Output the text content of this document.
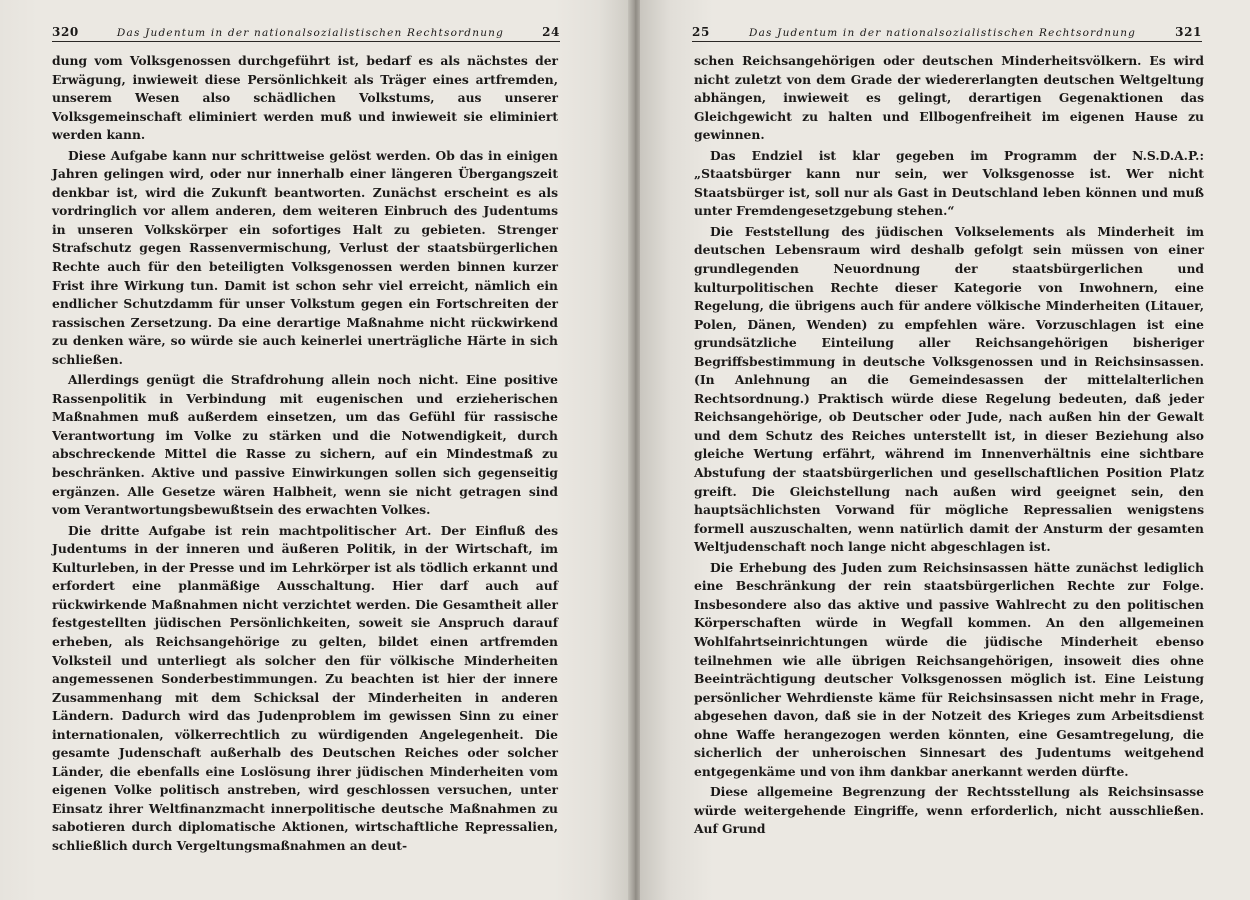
320	Das Judentum in der nationalsozialistischen Rechtsordnung	24

dung vom Volksgenossen durchgeführt ist, bedarf es als nächstes der Erwägung, inwieweit diese Persönlichkeit als Träger eines artfremden, unserem Wesen also schädlichen Volkstums, aus unserer Volksgemeinschaft eliminiert werden muß und inwieweit sie eliminiert werden kann.

Diese Aufgabe kann nur schrittweise gelöst werden. Ob das in einigen Jahren gelingen wird, oder nur innerhalb einer längeren Übergangszeit denkbar ist, wird die Zukunft beantworten. Zunächst erscheint es als vordringlich vor allem anderen, dem weiteren Einbruch des Judentums in unseren Volkskörper ein sofortiges Halt zu gebieten. Strenger Strafschutz gegen Rassenvermischung, Verlust der staatsbürgerlichen Rechte auch für den beteiligten Volksgenossen werden binnen kurzer Frist ihre Wirkung tun. Damit ist schon sehr viel erreicht, nämlich ein endlicher Schutzdamm für unser Volkstum gegen ein Fortschreiten der rassischen Zersetzung. Da eine derartige Maßnahme nicht rückwirkend zu denken wäre, so würde sie auch keinerlei unerträgliche Härte in sich schließen.

Allerdings genügt die Strafdrohung allein noch nicht. Eine positive Rassenpolitik in Verbindung mit eugenischen und erzieherischen Maßnahmen muß außerdem einsetzen, um das Gefühl für rassische Verantwortung im Volke zu stärken und die Notwendigkeit, durch abschreckende Mittel die Rasse zu sichern, auf ein Mindestmaß zu beschränken. Aktive und passive Einwirkungen sollen sich gegenseitig ergänzen. Alle Gesetze wären Halbheit, wenn sie nicht getragen sind vom Verantwortungsbewußtsein des erwachten Volkes.

Die dritte Aufgabe ist rein machtpolitischer Art. Der Einfluß des Judentums in der inneren und äußeren Politik, in der Wirtschaft, im Kulturleben, in der Presse und im Lehrkörper ist als tödlich erkannt und erfordert eine planmäßige Ausschaltung. Hier darf auch auf rückwirkende Maßnahmen nicht verzichtet werden. Die Gesamtheit aller festgestellten jüdischen Persönlichkeiten, soweit sie Anspruch darauf erheben, als Reichsangehörige zu gelten, bildet einen artfremden Volksteil und unterliegt als solcher den für völkische Minderheiten angemessenen Sonderbestimmungen. Zu beachten ist hier der innere Zusammenhang mit dem Schicksal der Minderheiten in anderen Ländern. Dadurch wird das Judenproblem im gewissen Sinn zu einer internationalen, völkerrechtlich zu würdigenden Angelegenheit. Die gesamte Judenschaft außerhalb des Deutschen Reiches oder solcher Länder, die ebenfalls eine Loslösung ihrer jüdischen Minderheiten vom eigenen Volke politisch anstreben, wird geschlossen versuchen, unter Einsatz ihrer Weltfinanzmacht innerpolitische deutsche Maßnahmen zu sabotieren durch diplomatische Aktionen, wirtschaftliche Repressalien, schließlich durch Vergeltungsmaßnahmen an deut-

25	Das Judentum in der nationalsozialistischen Rechtsordnung	321

schen Reichsangehörigen oder deutschen Minderheitsvölkern. Es wird nicht zuletzt von dem Grade der wiedererlangten deutschen Weltgeltung abhängen, inwieweit es gelingt, derartigen Gegenaktionen das Gleichgewicht zu halten und Ellbogenfreiheit im eigenen Hause zu gewinnen.

Das Endziel ist klar gegeben im Programm der N.S.D.A.P.: „Staatsbürger kann nur sein, wer Volksgenosse ist. Wer nicht Staatsbürger ist, soll nur als Gast in Deutschland leben können und muß unter Fremdengesetzgebung stehen.“

Die Feststellung des jüdischen Volkselements als Minderheit im deutschen Lebensraum wird deshalb gefolgt sein müssen von einer grundlegenden Neuordnung der staatsbürgerlichen und kulturpolitischen Rechte dieser Kategorie von Inwohnern, eine Regelung, die übrigens auch für andere völkische Minderheiten (Litauer, Polen, Dänen, Wenden) zu empfehlen wäre. Vorzuschlagen ist eine grundsätzliche Einteilung aller Reichsangehörigen bisheriger Begriffsbestimmung in deutsche Volksgenossen und in Reichsinsassen. (In Anlehnung an die Gemeindesassen der mittelalterlichen Rechtsordnung.) Praktisch würde diese Regelung bedeuten, daß jeder Reichsangehörige, ob Deutscher oder Jude, nach außen hin der Gewalt und dem Schutz des Reiches unterstellt ist, in dieser Beziehung also gleiche Wertung erfährt, während im Innenverhältnis eine sichtbare Abstufung der staatsbürgerlichen und gesellschaftlichen Position Platz greift. Die Gleichstellung nach außen wird geeignet sein, den hauptsächlichsten Vorwand für mögliche Repressalien wenigstens formell auszuschalten, wenn natürlich damit der Ansturm der gesamten Weltjudenschaft noch lange nicht abgeschlagen ist.

Die Erhebung des Juden zum Reichsinsassen hätte zunächst lediglich eine Beschränkung der rein staatsbürgerlichen Rechte zur Folge. Insbesondere also das aktive und passive Wahlrecht zu den politischen Körperschaften würde in Wegfall kommen. An den allgemeinen Wohlfahrtseinrichtungen würde die jüdische Minderheit ebenso teilnehmen wie alle übrigen Reichsangehörigen, insoweit dies ohne Beeinträchtigung deutscher Volksgenossen möglich ist. Eine Leistung persönlicher Wehrdienste käme für Reichsinsassen nicht mehr in Frage, abgesehen davon, daß sie in der Notzeit des Krieges zum Arbeitsdienst ohne Waffe herangezogen werden könnten, eine Gesamtregelung, die sicherlich der unheroischen Sinnesart des Judentums weitgehend entgegenkäme und von ihm dankbar anerkannt werden dürfte.

Diese allgemeine Begrenzung der Rechtsstellung als Reichsinsasse würde weitergehende Eingriffe, wenn erforderlich, nicht ausschließen. Auf Grund
